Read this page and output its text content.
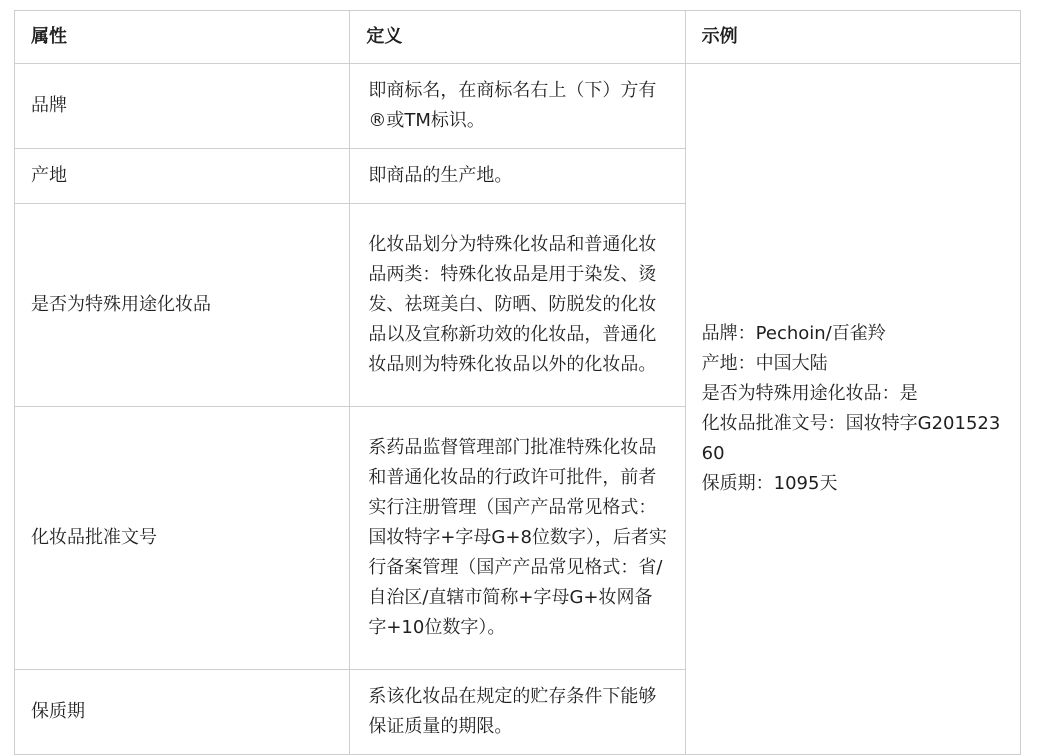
属性	定义	示例
品牌	即商标名，在商标名右上（下）方有®或TM标识。	品牌：Pechoin/百雀羚
产地：中国大陆
是否为特殊用途化妆品：是
化妆品批准文号：国妆特字G20152360
保质期：1095天

产地	即商品的生产地。	
是否为特殊用途化妆品	化妆品划分为特殊化妆品和普通化妆品两类：特殊化妆品是用于染发、烫发、祛斑美白、防晒、防脱发的化妆品以及宣称新功效的化妆品，普通化妆品则为特殊化妆品以外的化妆品。	
化妆品批准文号	系药品监督管理部门批准特殊化妆品和普通化妆品的行政许可批件，前者实行注册管理（国产产品常见格式：国妆特字+字母G+8位数字），后者实行备案管理（国产产品常见格式：省/自治区/直辖市简称+字母G+妆网备字+10位数字）。	
保质期	系该化妆品在规定的贮存条件下能够保证质量的期限。	
